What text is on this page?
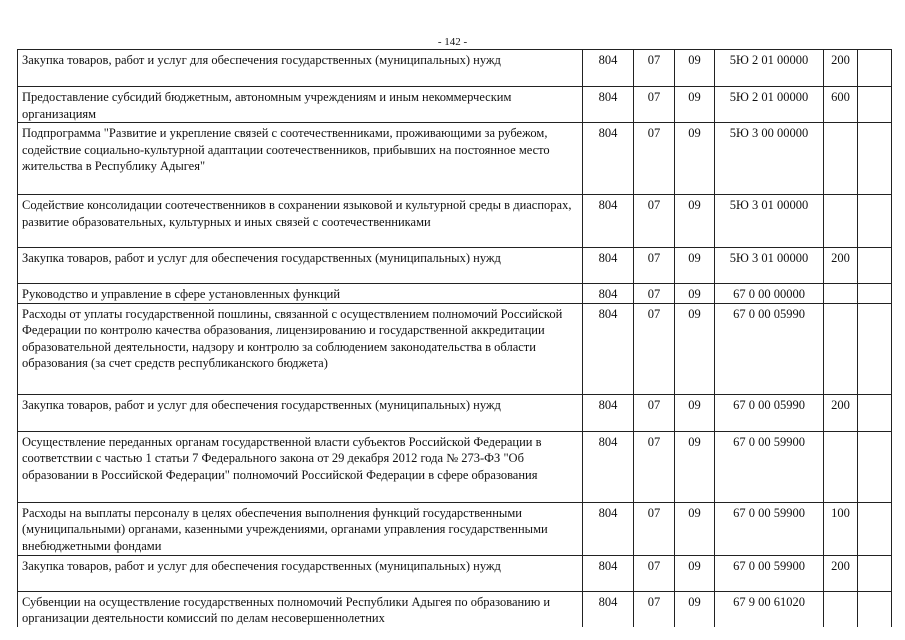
- 142 -
Закупка товаров, работ и услуг для обеспечения государственных (муниципальных) нужд	804	07	09	5Ю 2 01 00000	200	
Предоставление субсидий бюджетным, автономным учреждениям и иным некоммерческим организациям	804	07	09	5Ю 2 01 00000	600	
Подпрограмма "Развитие и укрепление связей с соотечественниками, проживающими за рубежом, содействие социально-культурной адаптации соотечественников, прибывших на постоянное место жительства в Республику Адыгея"	804	07	09	5Ю 3 00 00000		
Содействие консолидации соотечественников в сохранении языковой и культурной среды в диаспорах, развитие образовательных, культурных и иных связей с соотечественниками	804	07	09	5Ю 3 01 00000		
Закупка товаров, работ и услуг для обеспечения государственных (муниципальных) нужд	804	07	09	5Ю 3 01 00000	200	
Руководство и управление в сфере установленных функций	804	07	09	67 0 00 00000		
Расходы от уплаты государственной пошлины, связанной с осуществлением полномочий Российской Федерации по контролю качества образования, лицензированию и государственной аккредитации образовательной деятельности, надзору и контролю за соблюдением законодательства в области образования (за счет средств республиканского бюджета)	804	07	09	67 0 00 05990		
Закупка товаров, работ и услуг для обеспечения государственных (муниципальных) нужд	804	07	09	67 0 00 05990	200	
Осуществление переданных органам государственной власти субъектов Российской Федерации в соответствии с частью 1 статьи 7 Федерального закона от 29 декабря 2012 года № 273-ФЗ "Об образовании в Российской Федерации" полномочий Российской Федерации в сфере образования	804	07	09	67 0 00 59900		
Расходы на выплаты персоналу в целях обеспечения выполнения функций государственными (муниципальными) органами, казенными учреждениями, органами управления государственными внебюджетными фондами	804	07	09	67 0 00 59900	100	
Закупка товаров, работ и услуг для обеспечения государственных (муниципальных) нужд	804	07	09	67 0 00 59900	200	
Субвенции на осуществление государственных полномочий Республики Адыгея по образованию и организации деятельности комиссий по делам несовершеннолетних	804	07	09	67 9 00 61020		
